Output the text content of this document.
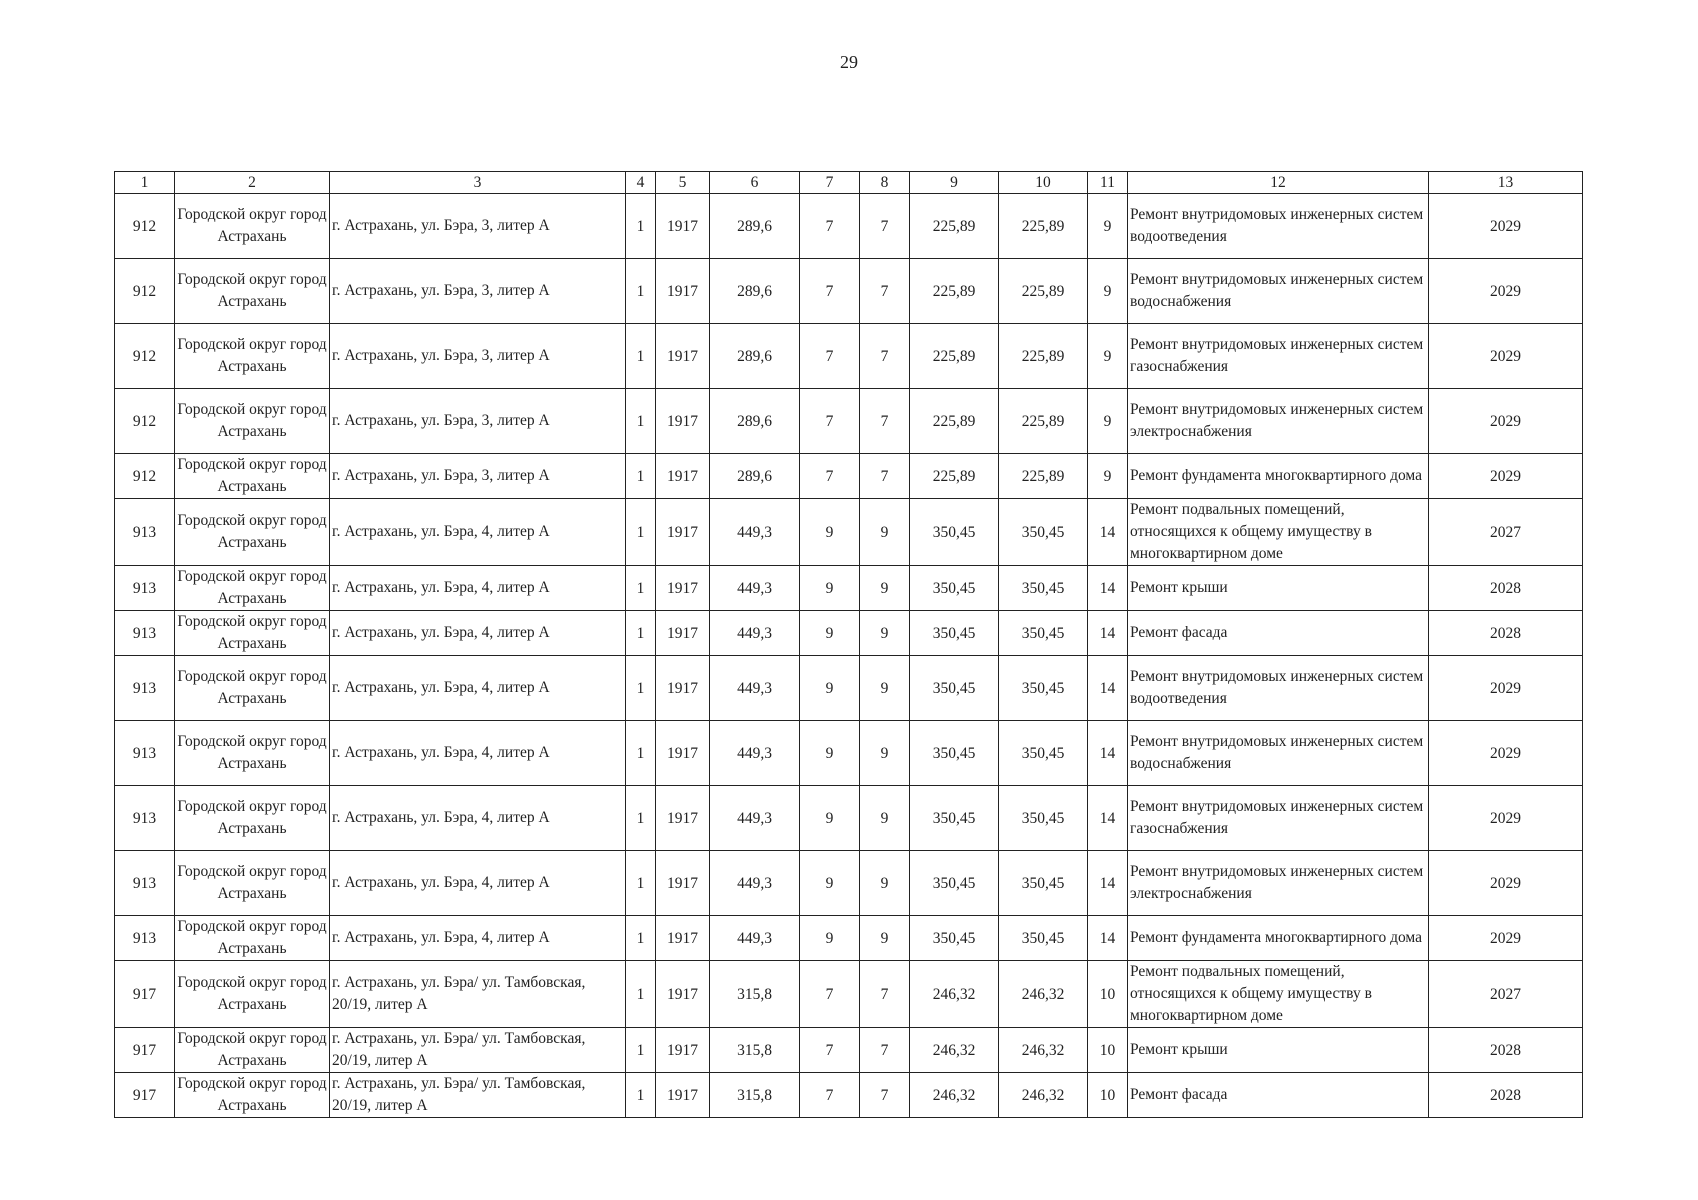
29
1	2	3	4	5	6	7	8	9	10	11	12	13
912	Городской округ город Астрахань	г. Астрахань, ул. Бэра, 3, литер А	1	1917	289,6	7	7	225,89	225,89	9	Ремонт внутридомовых инженерных систем водоотведения	2029
912	Городской округ город Астрахань	г. Астрахань, ул. Бэра, 3, литер А	1	1917	289,6	7	7	225,89	225,89	9	Ремонт внутридомовых инженерных систем водоснабжения	2029
912	Городской округ город Астрахань	г. Астрахань, ул. Бэра, 3, литер А	1	1917	289,6	7	7	225,89	225,89	9	Ремонт внутридомовых инженерных систем газоснабжения	2029
912	Городской округ город Астрахань	г. Астрахань, ул. Бэра, 3, литер А	1	1917	289,6	7	7	225,89	225,89	9	Ремонт внутридомовых инженерных систем электроснабжения	2029
912	Городской округ город Астрахань	г. Астрахань, ул. Бэра, 3, литер А	1	1917	289,6	7	7	225,89	225,89	9	Ремонт фундамента многоквартирного дома	2029
913	Городской округ город Астрахань	г. Астрахань, ул. Бэра, 4, литер А	1	1917	449,3	9	9	350,45	350,45	14	Ремонт подвальных помещений, относящихся к общему имуществу в многоквартирном доме	2027
913	Городской округ город Астрахань	г. Астрахань, ул. Бэра, 4, литер А	1	1917	449,3	9	9	350,45	350,45	14	Ремонт крыши	2028
913	Городской округ город Астрахань	г. Астрахань, ул. Бэра, 4, литер А	1	1917	449,3	9	9	350,45	350,45	14	Ремонт фасада	2028
913	Городской округ город Астрахань	г. Астрахань, ул. Бэра, 4, литер А	1	1917	449,3	9	9	350,45	350,45	14	Ремонт внутридомовых инженерных систем водоотведения	2029
913	Городской округ город Астрахань	г. Астрахань, ул. Бэра, 4, литер А	1	1917	449,3	9	9	350,45	350,45	14	Ремонт внутридомовых инженерных систем водоснабжения	2029
913	Городской округ город Астрахань	г. Астрахань, ул. Бэра, 4, литер А	1	1917	449,3	9	9	350,45	350,45	14	Ремонт внутридомовых инженерных систем газоснабжения	2029
913	Городской округ город Астрахань	г. Астрахань, ул. Бэра, 4, литер А	1	1917	449,3	9	9	350,45	350,45	14	Ремонт внутридомовых инженерных систем электроснабжения	2029
913	Городской округ город Астрахань	г. Астрахань, ул. Бэра, 4, литер А	1	1917	449,3	9	9	350,45	350,45	14	Ремонт фундамента многоквартирного дома	2029
917	Городской округ город Астрахань	г. Астрахань, ул. Бэра/ ул. Тамбовская, 20/19, литер А	1	1917	315,8	7	7	246,32	246,32	10	Ремонт подвальных помещений, относящихся к общему имуществу в многоквартирном доме	2027
917	Городской округ город Астрахань	г. Астрахань, ул. Бэра/ ул. Тамбовская, 20/19, литер А	1	1917	315,8	7	7	246,32	246,32	10	Ремонт крыши	2028
917	Городской округ город Астрахань	г. Астрахань, ул. Бэра/ ул. Тамбовская, 20/19, литер А	1	1917	315,8	7	7	246,32	246,32	10	Ремонт фасада	2028
